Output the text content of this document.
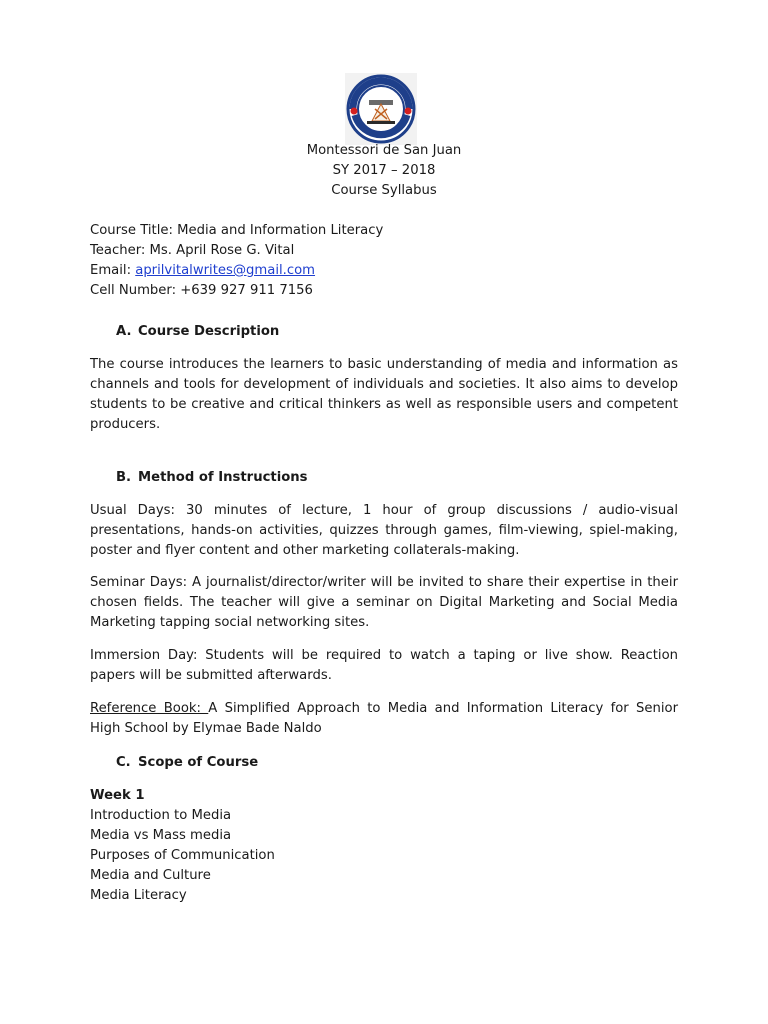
Montessori de San Juan
SY 2017 – 2018
Course Syllabus
Course Title: Media and Information Literacy
Teacher: Ms. April Rose G. Vital
Email: aprilvitalwrites@gmail.com
Cell Number: +639 927 911 7156
A. Course Description
The course introduces the learners to basic understanding of media and information as channels and tools for development of individuals and societies. It also aims to develop students to be creative and critical thinkers as well as responsible users and competent producers.
B. Method of Instructions
Usual Days: 30 minutes of lecture, 1 hour of group discussions / audio-visual presentations, hands-on activities, quizzes through games, film-viewing, spiel-making, poster and flyer content and other marketing collaterals-making.
Seminar Days: A journalist/director/writer will be invited to share their expertise in their chosen fields. The teacher will give a seminar on Digital Marketing and Social Media Marketing tapping social networking sites.
Immersion Day: Students will be required to watch a taping or live show. Reaction papers will be submitted afterwards.
Reference Book: A Simplified Approach to Media and Information Literacy for Senior High School by Elymae Bade Naldo
C. Scope of Course
Week 1
Introduction to Media
Media vs Mass media
Purposes of Communication
Media and Culture
Media Literacy
